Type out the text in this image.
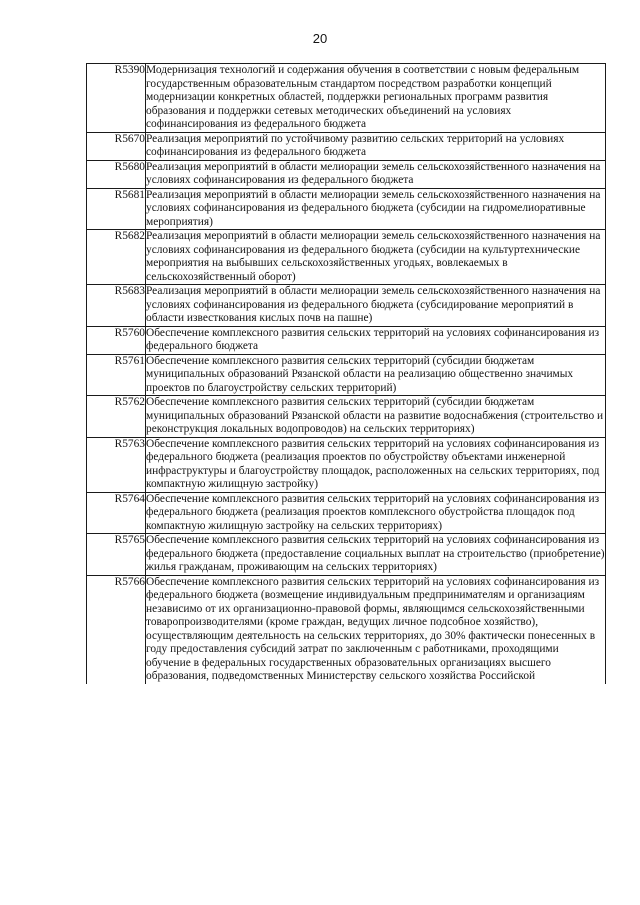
20
R5390	Модернизация технологий и содержания обучения в соответствии с новым федеральным государственным образовательным стандартом посредством разработки концепций модернизации конкретных областей, поддержки региональных программ развития образования и поддержки сетевых методических объединений на условиях софинансирования из федерального бюджета
R5670	Реализация мероприятий по устойчивому развитию сельских территорий на условиях софинансирования из федерального бюджета
R5680	Реализация мероприятий в области мелиорации земель сельскохозяйственного назначения на условиях софинансирования из федерального бюджета
R5681	Реализация мероприятий в области мелиорации земель сельскохозяйственного назначения на условиях софинансирования из федерального бюджета (субсидии на гидромелиоративные мероприятия)
R5682	Реализация мероприятий в области мелиорации земель сельскохозяйственного назначения на условиях софинансирования из федерального бюджета (субсидии на культуртехнические мероприятия на выбывших сельскохозяйственных угодьях, вовлекаемых в сельскохозяйственный оборот)
R5683	Реализация мероприятий в области мелиорации земель сельскохозяйственного назначения на условиях софинансирования из федерального бюджета (субсидирование мероприятий в области известкования кислых почв на пашне)
R5760	Обеспечение комплексного развития сельских территорий на условиях софинансирования из федерального бюджета
R5761	Обеспечение комплексного развития сельских территорий (субсидии бюджетам муниципальных образований Рязанской области на реализацию общественно значимых проектов по благоустройству сельских территорий)
R5762	Обеспечение комплексного развития сельских территорий (субсидии бюджетам муниципальных образований Рязанской области на развитие водоснабжения (строительство и реконструкция локальных водопроводов) на сельских территориях)
R5763	Обеспечение комплексного развития сельских территорий на условиях софинансирования из федерального бюджета (реализация проектов по обустройству объектами инженерной инфраструктуры и благоустройству площадок, расположенных на сельских территориях, под компактную жилищную застройку)
R5764	Обеспечение комплексного развития сельских территорий на условиях софинансирования из федерального бюджета (реализация проектов комплексного обустройства площадок под компактную жилищную застройку на сельских территориях)
R5765	Обеспечение комплексного развития сельских территорий на условиях софинансирования из федерального бюджета (предоставление социальных выплат на строительство (приобретение) жилья гражданам, проживающим на сельских территориях)
R5766	Обеспечение комплексного развития сельских территорий на условиях софинансирования из федерального бюджета (возмещение индивидуальным предпринимателям и организациям независимо от их организационно-правовой формы, являющимся сельскохозяйственными товаропроизводителями (кроме граждан, ведущих личное подсобное хозяйство), осуществляющим деятельность на сельских территориях, до 30% фактически понесенных в году предоставления субсидий затрат по заключенным с работниками, проходящими обучение в федеральных государственных образовательных организациях высшего образования, подведомственных Министерству сельского хозяйства Российской
